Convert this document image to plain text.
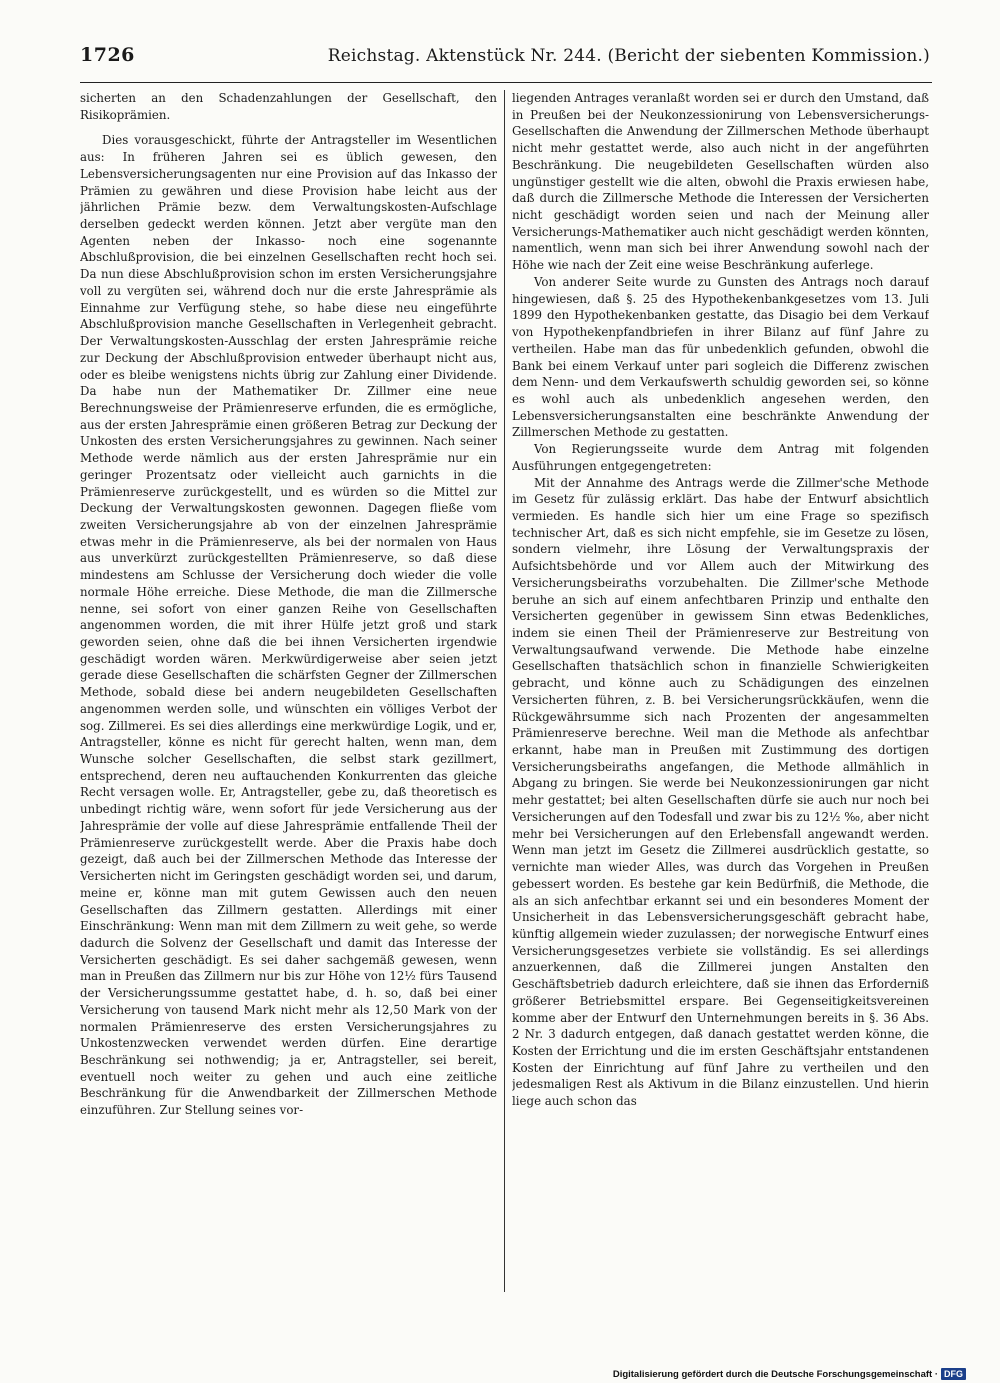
1726	Reichstag. Aktenstück Nr. 244. (Bericht der siebenten Kommission.)

sicherten an den Schadenzahlungen der Gesellschaft, den Risikoprämien.

Dies vorausgeschickt, führte der Antragsteller im Wesentlichen aus: In früheren Jahren sei es üblich gewesen, den Lebensversicherungsagenten nur eine Provision auf das Inkasso der Prämien zu gewähren und diese Provision habe leicht aus der jährlichen Prämie bezw. dem Verwaltungskosten-Aufschlage derselben gedeckt werden können. Jetzt aber vergüte man den Agenten neben der Inkasso- noch eine sogenannte Abschlußprovision, die bei einzelnen Gesellschaften recht hoch sei. Da nun diese Abschlußprovision schon im ersten Versicherungsjahre voll zu vergüten sei, während doch nur die erste Jahresprämie als Einnahme zur Verfügung stehe, so habe diese neu eingeführte Abschlußprovision manche Gesellschaften in Verlegenheit gebracht. Der Verwaltungskosten-Ausschlag der ersten Jahresprämie reiche zur Deckung der Abschlußprovision entweder überhaupt nicht aus, oder es bleibe wenigstens nichts übrig zur Zahlung einer Dividende. Da habe nun der Mathematiker Dr. Zillmer eine neue Berechnungsweise der Prämienreserve erfunden, die es ermögliche, aus der ersten Jahresprämie einen größeren Betrag zur Deckung der Unkosten des ersten Versicherungsjahres zu gewinnen. Nach seiner Methode werde nämlich aus der ersten Jahresprämie nur ein geringer Prozentsatz oder vielleicht auch garnichts in die Prämienreserve zurückgestellt, und es würden so die Mittel zur Deckung der Verwaltungskosten gewonnen. Dagegen fließe vom zweiten Versicherungsjahre ab von der einzelnen Jahresprämie etwas mehr in die Prämienreserve, als bei der normalen von Haus aus unverkürzt zurückgestellten Prämienreserve, so daß diese mindestens am Schlusse der Versicherung doch wieder die volle normale Höhe erreiche. Diese Methode, die man die Zillmersche nenne, sei sofort von einer ganzen Reihe von Gesellschaften angenommen worden, die mit ihrer Hülfe jetzt groß und stark geworden seien, ohne daß die bei ihnen Versicherten irgendwie geschädigt worden wären. Merkwürdigerweise aber seien jetzt gerade diese Gesellschaften die schärfsten Gegner der Zillmerschen Methode, sobald diese bei andern neugebildeten Gesellschaften angenommen werden solle, und wünschten ein völliges Verbot der sog. Zillmerei. Es sei dies allerdings eine merkwürdige Logik, und er, Antragsteller, könne es nicht für gerecht halten, wenn man, dem Wunsche solcher Gesellschaften, die selbst stark gezillmert, entsprechend, deren neu auftauchenden Konkurrenten das gleiche Recht versagen wolle. Er, Antragsteller, gebe zu, daß theoretisch es unbedingt richtig wäre, wenn sofort für jede Versicherung aus der Jahresprämie der volle auf diese Jahresprämie entfallende Theil der Prämienreserve zurückgestellt werde. Aber die Praxis habe doch gezeigt, daß auch bei der Zillmerschen Methode das Interesse der Versicherten nicht im Geringsten geschädigt worden sei, und darum, meine er, könne man mit gutem Gewissen auch den neuen Gesellschaften das Zillmern gestatten. Allerdings mit einer Einschränkung: Wenn man mit dem Zillmern zu weit gehe, so werde dadurch die Solvenz der Gesellschaft und damit das Interesse der Versicherten geschädigt. Es sei daher sachgemäß gewesen, wenn man in Preußen das Zillmern nur bis zur Höhe von 12½ fürs Tausend der Versicherungssumme gestattet habe, d. h. so, daß bei einer Versicherung von tausend Mark nicht mehr als 12,50 Mark von der normalen Prämienreserve des ersten Versicherungsjahres zu Unkostenzwecken verwendet werden dürfen. Eine derartige Beschränkung sei nothwendig; ja er, Antragsteller, sei bereit, eventuell noch weiter zu gehen und auch eine zeitliche Beschränkung für die Anwendbarkeit der Zillmerschen Methode einzuführen. Zur Stellung seines vor-

liegenden Antrages veranlaßt worden sei er durch den Umstand, daß in Preußen bei der Neukonzessionirung von Lebensversicherungs-Gesellschaften die Anwendung der Zillmerschen Methode überhaupt nicht mehr gestattet werde, also auch nicht in der angeführten Beschränkung. Die neugebildeten Gesellschaften würden also ungünstiger gestellt wie die alten, obwohl die Praxis erwiesen habe, daß durch die Zillmersche Methode die Interessen der Versicherten nicht geschädigt worden seien und nach der Meinung aller Versicherungs-Mathematiker auch nicht geschädigt werden könnten, namentlich, wenn man sich bei ihrer Anwendung sowohl nach der Höhe wie nach der Zeit eine weise Beschränkung auferlege.

Von anderer Seite wurde zu Gunsten des Antrags noch darauf hingewiesen, daß §. 25 des Hypothekenbankgesetzes vom 13. Juli 1899 den Hypothekenbanken gestatte, das Disagio bei dem Verkauf von Hypothekenpfandbriefen in ihrer Bilanz auf fünf Jahre zu vertheilen. Habe man das für unbedenklich gefunden, obwohl die Bank bei einem Verkauf unter pari sogleich die Differenz zwischen dem Nenn- und dem Verkaufswerth schuldig geworden sei, so könne es wohl auch als unbedenklich angesehen werden, den Lebensversicherungsanstalten eine beschränkte Anwendung der Zillmerschen Methode zu gestatten.

Von Regierungsseite wurde dem Antrag mit folgenden Ausführungen entgegengetreten:

Mit der Annahme des Antrags werde die Zillmer'sche Methode im Gesetz für zulässig erklärt. Das habe der Entwurf absichtlich vermieden. Es handle sich hier um eine Frage so spezifisch technischer Art, daß es sich nicht empfehle, sie im Gesetze zu lösen, sondern vielmehr, ihre Lösung der Verwaltungspraxis der Aufsichtsbehörde und vor Allem auch der Mitwirkung des Versicherungsbeiraths vorzubehalten. Die Zillmer'sche Methode beruhe an sich auf einem anfechtbaren Prinzip und enthalte den Versicherten gegenüber in gewissem Sinn etwas Bedenkliches, indem sie einen Theil der Prämienreserve zur Bestreitung von Verwaltungsaufwand verwende. Die Methode habe einzelne Gesellschaften thatsächlich schon in finanzielle Schwierigkeiten gebracht, und könne auch zu Schädigungen des einzelnen Versicherten führen, z. B. bei Versicherungsrückkäufen, wenn die Rückgewährsumme sich nach Prozenten der angesammelten Prämienreserve berechne. Weil man die Methode als anfechtbar erkannt, habe man in Preußen mit Zustimmung des dortigen Versicherungsbeiraths angefangen, die Methode allmählich in Abgang zu bringen. Sie werde bei Neukonzessionirungen gar nicht mehr gestattet; bei alten Gesellschaften dürfe sie auch nur noch bei Versicherungen auf den Todesfall und zwar bis zu 12½ ‰, aber nicht mehr bei Versicherungen auf den Erlebensfall angewandt werden. Wenn man jetzt im Gesetz die Zillmerei ausdrücklich gestatte, so vernichte man wieder Alles, was durch das Vorgehen in Preußen gebessert worden. Es bestehe gar kein Bedürfniß, die Methode, die als an sich anfechtbar erkannt sei und ein besonderes Moment der Unsicherheit in das Lebensversicherungsgeschäft gebracht habe, künftig allgemein wieder zuzulassen; der norwegische Entwurf eines Versicherungsgesetzes verbiete sie vollständig. Es sei allerdings anzuerkennen, daß die Zillmerei jungen Anstalten den Geschäftsbetrieb dadurch erleichtere, daß sie ihnen das Erforderniß größerer Betriebsmittel erspare. Bei Gegenseitigkeitsvereinen komme aber der Entwurf den Unternehmungen bereits in §. 36 Abs. 2 Nr. 3 dadurch entgegen, daß danach gestattet werden könne, die Kosten der Errichtung und die im ersten Geschäftsjahr entstandenen Kosten der Einrichtung auf fünf Jahre zu vertheilen und den jedesmaligen Rest als Aktivum in die Bilanz einzustellen. Und hierin liege auch schon das

Digitalisierung gefördert durch die Deutsche Forschungsgemeinschaft · DFG
